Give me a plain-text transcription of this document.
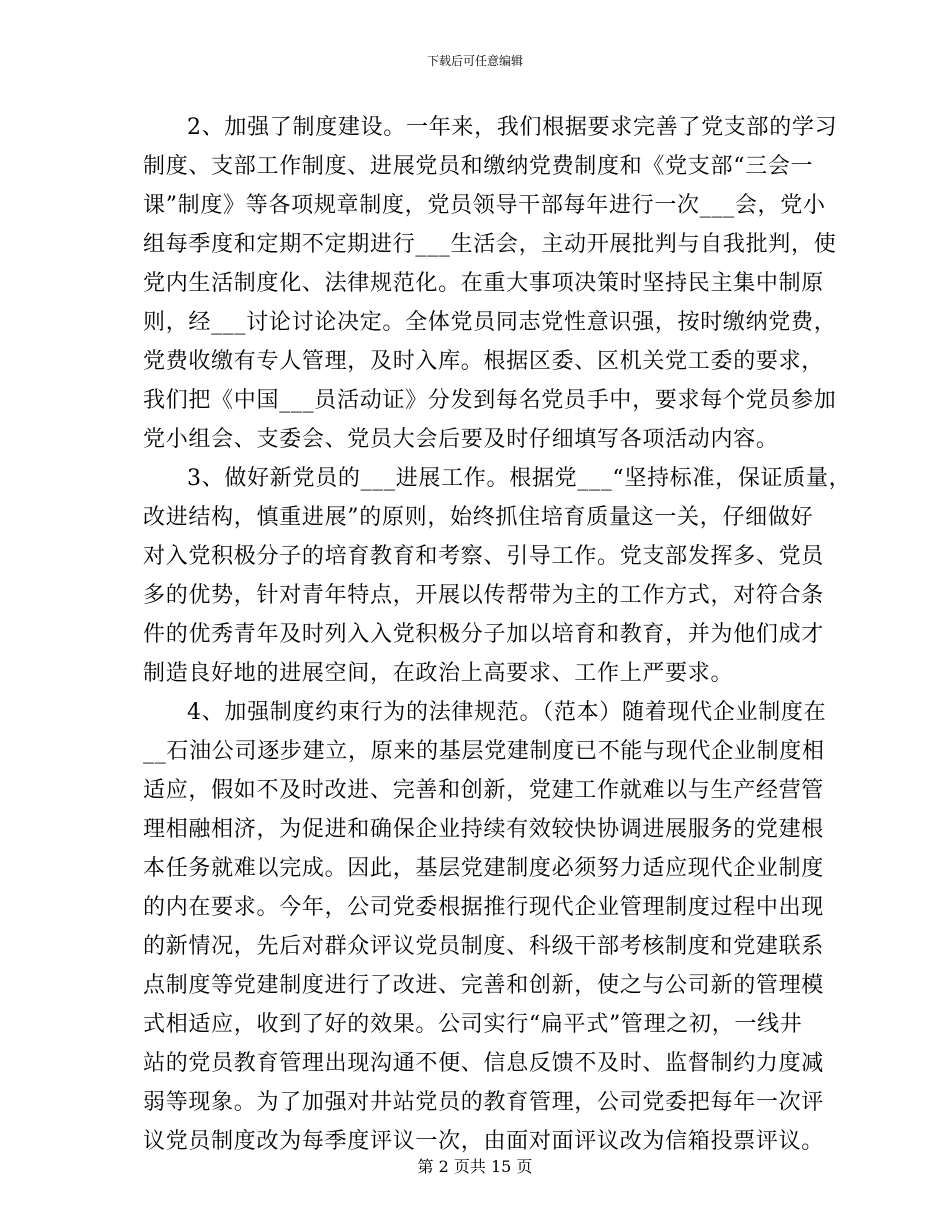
下载后可任意编辑
2、加强了制度建设。一年来，我们根据要求完善了党支部的学习
制度、支部工作制度、进展党员和缴纳党费制度和《党支部“三会一
课”制度》等各项规章制度，党员领导干部每年进行一次___会，党小
组每季度和定期不定期进行___生活会，主动开展批判与自我批判，使
党内生活制度化、法律规范化。在重大事项决策时坚持民主集中制原
则，经___讨论讨论决定。全体党员同志党性意识强，按时缴纳党费，
党费收缴有专人管理，及时入库。根据区委、区机关党工委的要求，
我们把《中国___员活动证》分发到每名党员手中，要求每个党员参加
党小组会、支委会、党员大会后要及时仔细填写各项活动内容。
3、做好新党员的___进展工作。根据党___“坚持标准，保证质量，
改进结构，慎重进展”的原则，始终抓住培育质量这一关，仔细做好
对入党积极分子的培育教育和考察、引导工作。党支部发挥多、党员
多的优势，针对青年特点，开展以传帮带为主的工作方式，对符合条
件的优秀青年及时列入入党积极分子加以培育和教育，并为他们成才
制造良好地的进展空间，在政治上高要求、工作上严要求。
4、加强制度约束行为的法律规范。（范本）随着现代企业制度在
__石油公司逐步建立，原来的基层党建制度已不能与现代企业制度相
适应，假如不及时改进、完善和创新，党建工作就难以与生产经营管
理相融相济，为促进和确保企业持续有效较快协调进展服务的党建根
本任务就难以完成。因此，基层党建制度必须努力适应现代企业制度
的内在要求。今年，公司党委根据推行现代企业管理制度过程中出现
的新情况，先后对群众评议党员制度、科级干部考核制度和党建联系
点制度等党建制度进行了改进、完善和创新，使之与公司新的管理模
式相适应，收到了好的效果。公司实行“扁平式”管理之初，一线井
站的党员教育管理出现沟通不便、信息反馈不及时、监督制约力度减
弱等现象。为了加强对井站党员的教育管理，公司党委把每年一次评
议党员制度改为每季度评议一次，由面对面评议改为信箱投票评议。
第 2 页共 15 页
